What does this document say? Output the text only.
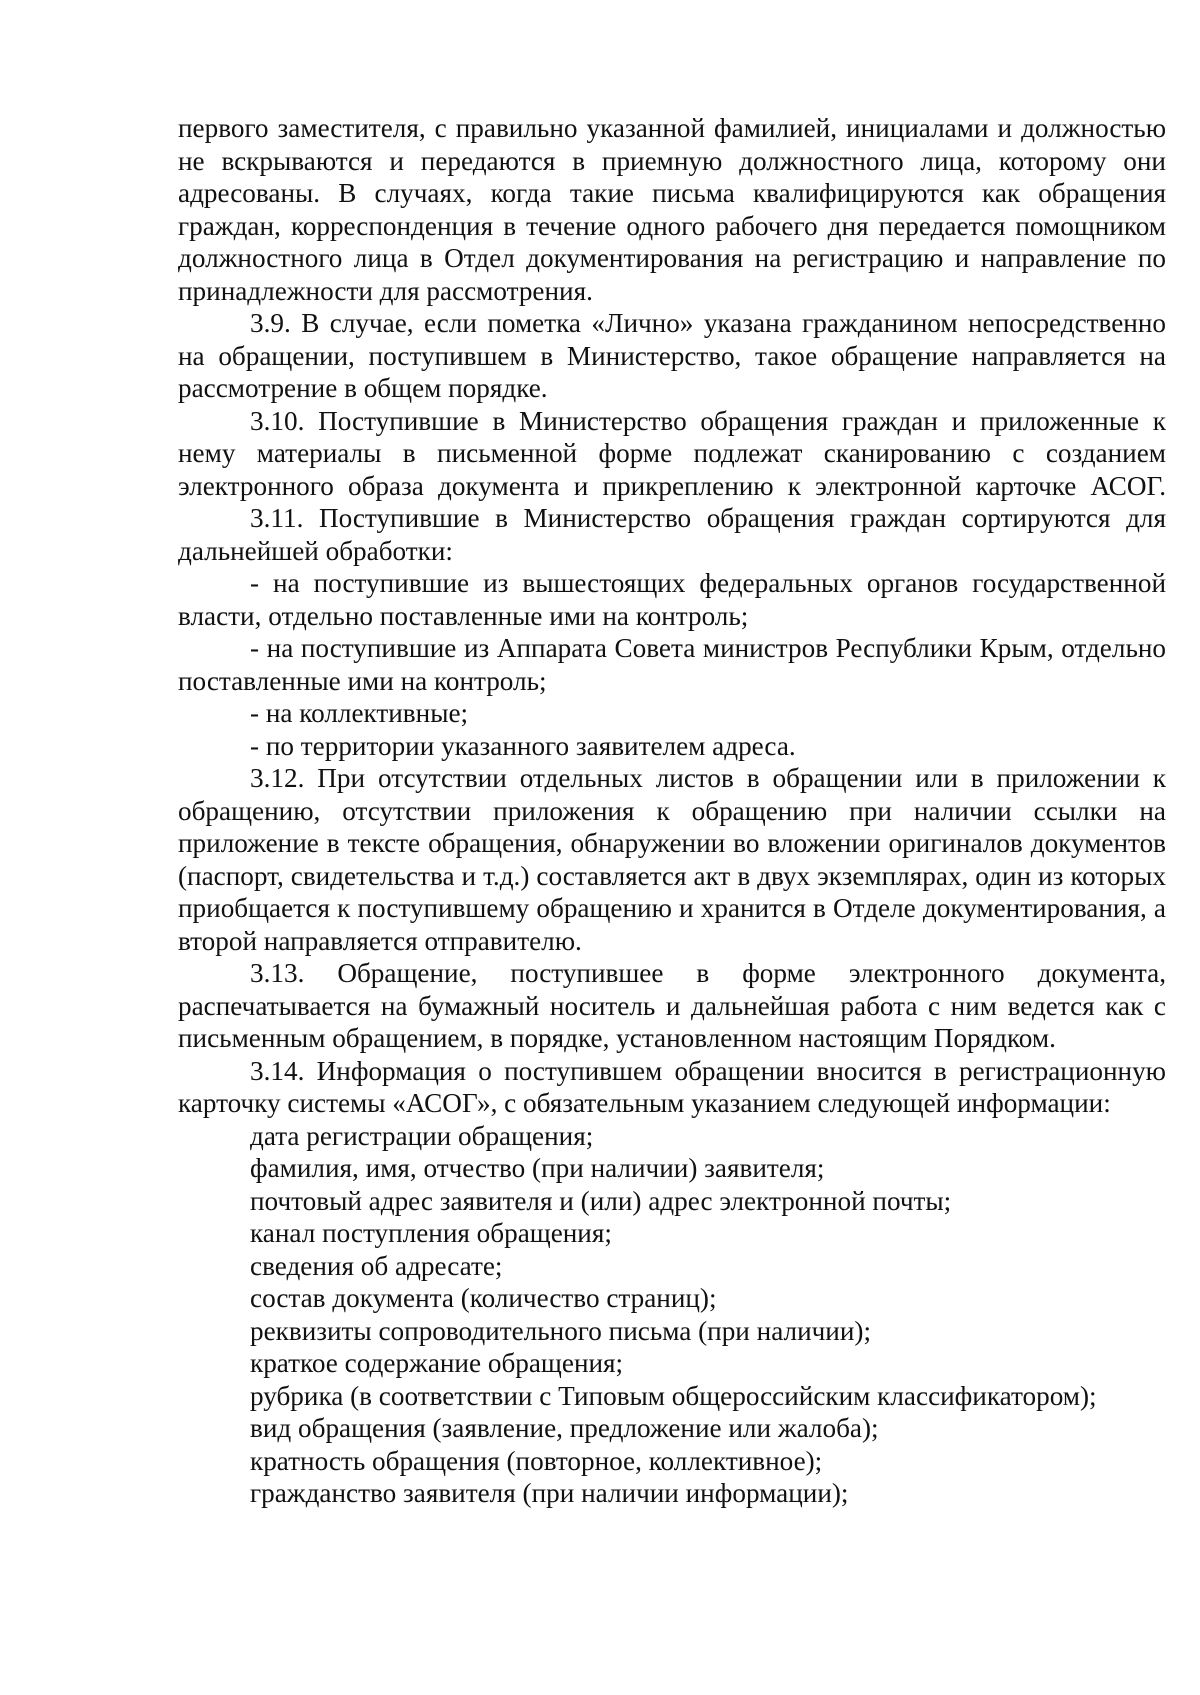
первого заместителя, с правильно указанной фамилией, инициалами и должностью не вскрываются и передаются в приемную должностного лица, которому они адресованы. В случаях, когда такие письма квалифицируются как обращения граждан, корреспонденция в течение одного рабочего дня передается помощником должностного лица в Отдел документирования на регистрацию и направление по принадлежности для рассмотрения.

3.9. В случае, если пометка «Лично» указана гражданином непосредственно на обращении, поступившем в Министерство, такое обращение направляется на рассмотрение в общем порядке.

3.10. Поступившие в Министерство обращения граждан и приложенные к нему материалы в письменной форме подлежат сканированию с созданием электронного образа документа и прикреплению к электронной карточке АСОГ.

3.11. Поступившие в Министерство обращения граждан сортируются для дальнейшей обработки:

- на поступившие из вышестоящих федеральных органов государственной власти, отдельно поставленные ими на контроль;

- на поступившие из Аппарата Совета министров Республики Крым, отдельно поставленные ими на контроль;

- на коллективные;

- по территории указанного заявителем адреса.

3.12. При отсутствии отдельных листов в обращении или в приложении к обращению, отсутствии приложения к обращению при наличии ссылки на приложение в тексте обращения, обнаружении во вложении оригиналов документов (паспорт, свидетельства и т.д.) составляется акт в двух экземплярах, один из которых приобщается к поступившему обращению и хранится в Отделе документирования, а второй направляется отправителю.

3.13. Обращение, поступившее в форме электронного документа, распечатывается на бумажный носитель и дальнейшая работа с ним ведется как с письменным обращением, в порядке, установленном настоящим Порядком.

3.14. Информация о поступившем обращении вносится в регистрационную карточку системы «АСОГ», с обязательным указанием следующей информации:

дата регистрации обращения;
фамилия, имя, отчество (при наличии) заявителя;
почтовый адрес заявителя и (или) адрес электронной почты;
канал поступления обращения;
сведения об адресате;
состав документа (количество страниц);
реквизиты сопроводительного письма (при наличии);
краткое содержание обращения;
рубрика (в соответствии с Типовым общероссийским классификатором);
вид обращения (заявление, предложение или жалоба);
кратность обращения (повторное, коллективное);
гражданство заявителя (при наличии информации);
